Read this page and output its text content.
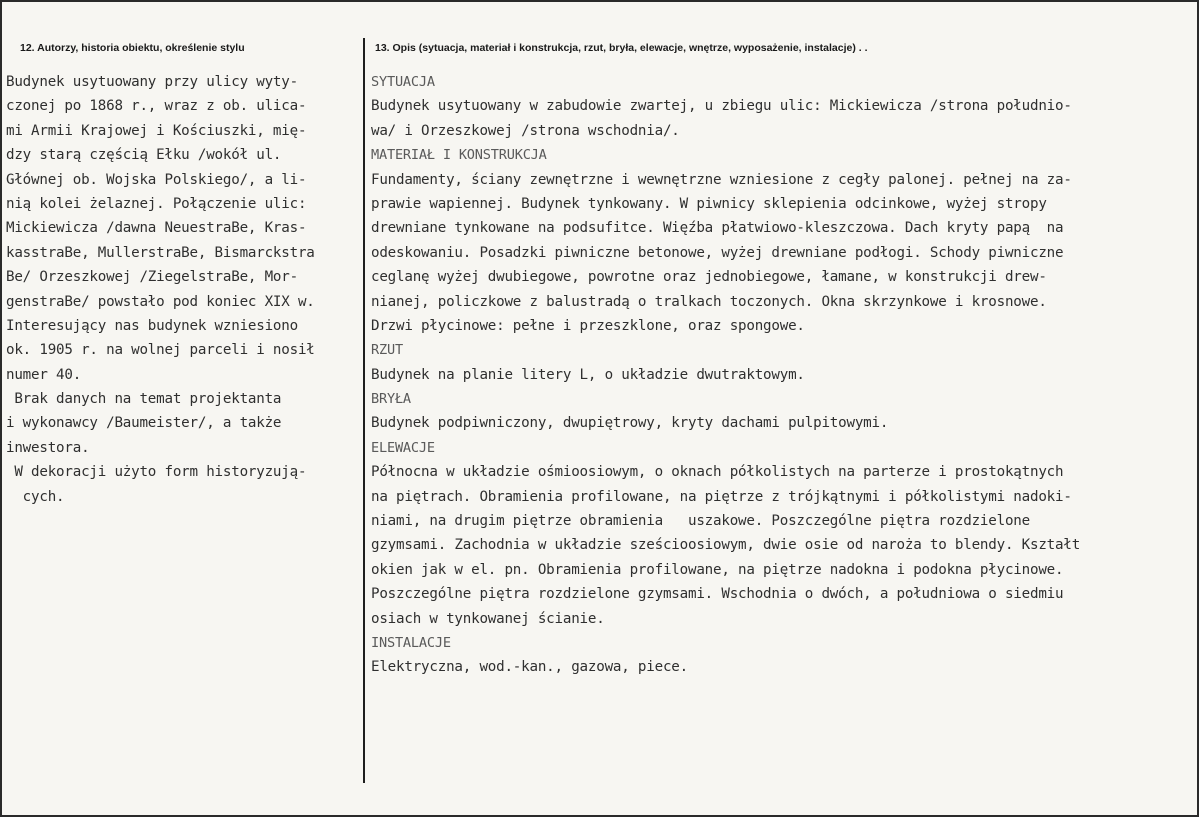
12. Autorzy, historia obiektu, określenie stylu	13. Opis (sytuacja, materiał i konstrukcja, rzut, bryła, elewacje, wnętrze, wyposażenie, instalacje) . .
Budynek usytuowany przy ulicy wyty-
czonej po 1868 r., wraz z ob. ulica-
mi Armii Krajowej i Kościuszki, mię-
dzy starą częścią Ełku /wokół ul.
Głównej ob. Wojska Polskiego/, a li-
nią kolei żelaznej. Połączenie ulic:
Mickiewicza /dawna NeuestraBe, Kras-
kasstraBe, MullerstraBe, Bismarckstra
Be/ Orzeszkowej /ZiegelstraBe, Mor-
genstraBe/ powstało pod koniec XIX w.
Interesujący nas budynek wzniesiono
ok. 1905 r. na wolnej parceli i nosił
numer 40.
Brak danych na temat projektanta
i wykonawcy /Baumeister/, a także
inwestora.
W dekoracji użyto form historyzują-
cych.
SYTUACJA
Budynek usytuowany w zabudowie zwartej, u zbiegu ulic: Mickiewicza /strona południo-
wa/ i Orzeszkowej /strona wschodnia/.
MATERIAŁ I KONSTRUKCJA
Fundamenty, ściany zewnętrzne i wewnętrzne wzniesione z cegły palonej. pełnej na za-
prawie wapiennej. Budynek tynkowany. W piwnicy sklepienia odcinkowe, wyżej stropy
drewniane tynkowane na podsufitce. Więźba płatwiowo-kleszczowa. Dach kryty papą  na
odeskowaniu. Posadzki piwniczne betonowe, wyżej drewniane podłogi. Schody piwniczne
ceglanę wyżej dwubiegowe, powrotne oraz jednobiegowe, łamane, w konstrukcji drew-
nianej, policzkowe z balustradą o tralkach toczonych. Okna skrzynkowe i krosnowe.
Drzwi płycinowe: pełne i przeszklone, oraz spongowe.
RZUT
Budynek na planie litery L, o układzie dwutraktowym.
BRYŁA
Budynek podpiwniczony, dwupiętrowy, kryty dachami pulpitowymi.
ELEWACJE
Północna w układzie ośmioosiowym, o oknach półkolistych na parterze i prostokątnych
na piętrach. Obramienia profilowane, na piętrze z trójkątnymi i półkolistymi nadoki-
niami, na drugim piętrze obramienia   uszakowe. Poszczególne piętra rozdzielone
gzymsami. Zachodnia w układzie sześcioosiowym, dwie osie od naroża to blendy. Kształt
okien jak w el. pn. Obramienia profilowane, na piętrze nadokna i podokna płycinowe.
Poszczególne piętra rozdzielone gzymsami. Wschodnia o dwóch, a południowa o siedmiu
osiach w tynkowanej ścianie.
INSTALACJE
Elektryczna, wod.-kan., gazowa, piece.
